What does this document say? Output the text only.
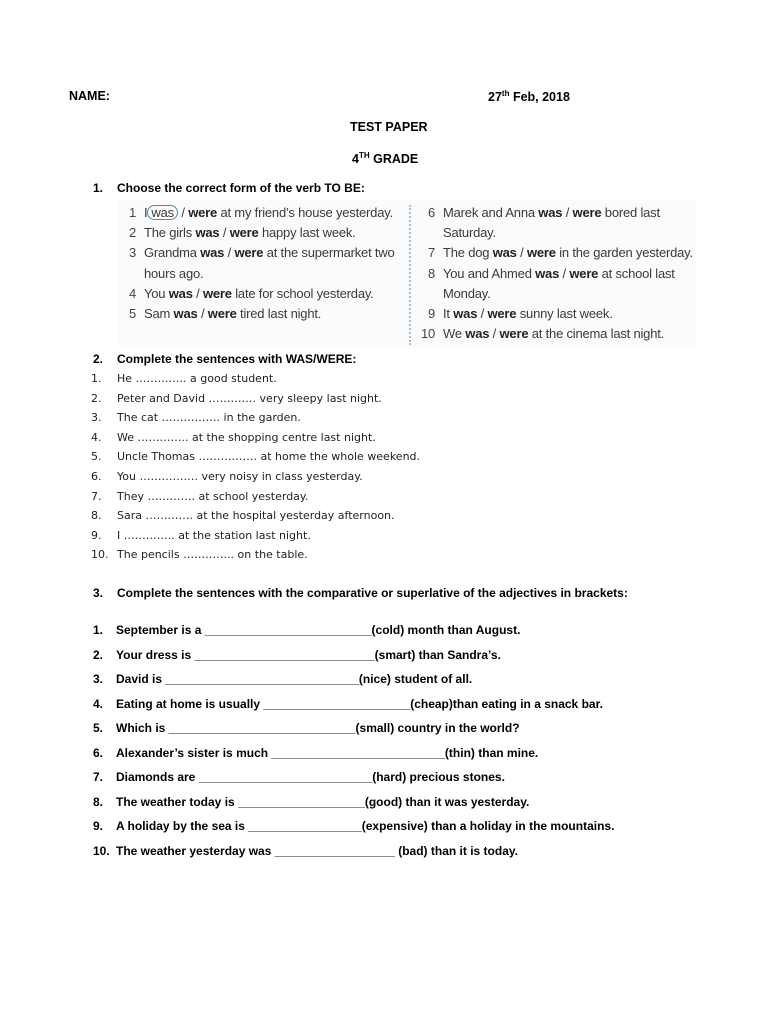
NAME:	27th Feb, 2018
TEST PAPER
4TH GRADE
1. Choose the correct form of the verb TO BE:
1 I was / were at my friend’s house yesterday.
2 The girls was / were happy last week.
3 Grandma was / were at the supermarket two
hours ago.
4 You was / were late for school yesterday.
5 Sam was / were tired last night.
6 Marek and Anna was / were bored last
Saturday.
7 The dog was / were in the garden yesterday.
8 You and Ahmed was / were at school last
Monday.
9 It was / were sunny last week.
10 We was / were at the cinema last night.
2. Complete the sentences with WAS/WERE:
1. He ………….. a good student.
2. Peter and David …………. very sleepy last night.
3. The cat ……………. in the garden.
4. We ………….. at the shopping centre last night.
5. Uncle Thomas ……………. at home the whole weekend.
6. You ……………. very noisy in class yesterday.
7. They …………. at school yesterday.
8. Sara …………. at the hospital yesterday afternoon.
9. I ………….. at the station last night.
10. The pencils ………….. on the table.
3. Complete the sentences with the comparative or superlative of the adjectives in brackets:
1. September is a _________________________(cold) month than August.
2. Your dress is ___________________________(smart) than Sandra’s.
3. David is _____________________________(nice) student of all.
4. Eating at home is usually ______________________(cheap)than eating in a snack bar.
5. Which is ____________________________(small) country in the world?
6. Alexander’s sister is much __________________________(thin) than mine.
7. Diamonds are __________________________(hard) precious stones.
8. The weather today is ___________________(good) than it was yesterday.
9. A holiday by the sea is _________________(expensive) than a holiday in the mountains.
10. The weather yesterday was __________________ (bad) than it is today.
